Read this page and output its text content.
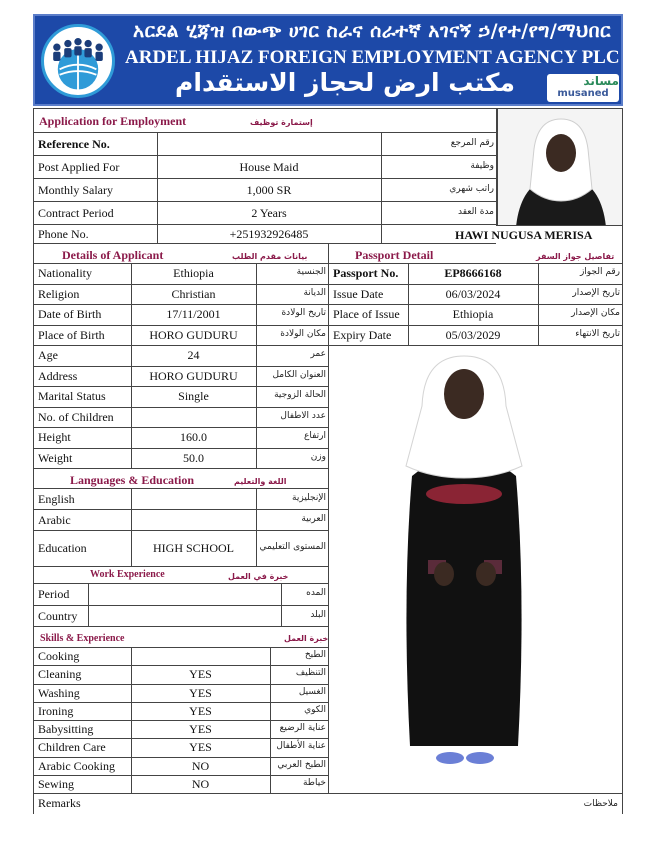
አርደል ሂጃዝ በውጭ ሀገር ስራና ሰራተኛ አገናኝ ኃ/የተ/የግ/ማህበር
ARDEL HIJAZ FOREIGN EMPLOYMENT AGENCY PLC
مكتب ارض لحجاز الاستقدام	مساند
musaned
Application for Employment	إستمارة توظيف
Reference No.	رقم المرجع
Post Applied For	House Maid	وظيفة
Monthly Salary	1,000 SR	راتب شهري
Contract Period	2 Years	مدة العقد
Phone No.	+251932926485	HAWI NUGUSA MERISA
Details of Applicant	بيانات مقدم الطلب
Nationality	Ethiopia	الجنسية
Religion	Christian	الديانة
Date of Birth	17/11/2001	تاريخ الولادة
Place of Birth	HORO GUDURU	مكان الولادة
Age	24	عمر
Address	HORO GUDURU	العنوان الكامل
Marital Status	Single	الحالة الزوجية
No. of Children	عدد الاطفال
Height	160.0	ارتفاع
Weight	50.0	وزن
Passport Detail	تفاصيل جواز السفر
Passport No.	EP8666168	رقم الجواز
Issue Date	06/03/2024	تاريخ الإصدار
Place of Issue	Ethiopia	مكان الإصدار
Expiry Date	05/03/2029	تاريخ الانتهاء
Languages & Education	اللغة والتعليم
English	الإنجليزية
Arabic	العربية
Education	HIGH SCHOOL	المستوى التعليمي
Work Experience	خبرة في العمل
Period	المده
Country	البلد
Skills & Experience	خبرة العمل
Cooking	الطبخ
Cleaning	YES	التنظيف
Washing	YES	الغسيل
Ironing	YES	الكوي
Babysitting	YES	عناية الرضيع
Children Care	YES	عناية الأطفال
Arabic Cooking	NO	الطبخ العربي
Sewing	NO	خياطة
Remarks	ملاحظات
